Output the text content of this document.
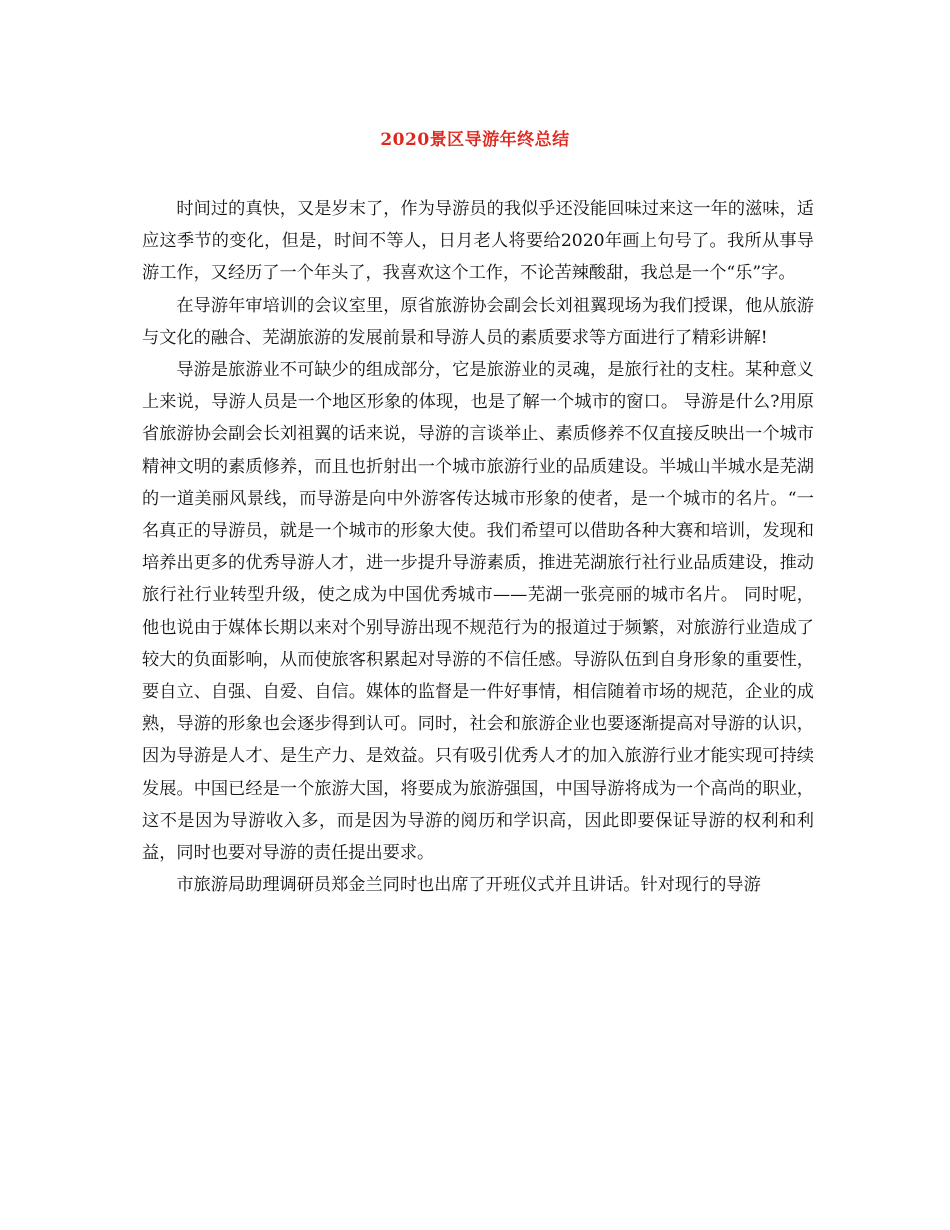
2020景区导游年终总结

时间过的真快，又是岁末了，作为导游员的我似乎还没能回味过来这一年的滋味，适应这季节的变化，但是，时间不等人，日月老人将要给2020年画上句号了。我所从事导游工作，又经历了一个年头了，我喜欢这个工作，不论苦辣酸甜，我总是一个“乐”字。

在导游年审培训的会议室里，原省旅游协会副会长刘祖翼现场为我们授课，他从旅游与文化的融合、芜湖旅游的发展前景和导游人员的素质要求等方面进行了精彩讲解!

导游是旅游业不可缺少的组成部分，它是旅游业的灵魂，是旅行社的支柱。某种意义上来说，导游人员是一个地区形象的体现，也是了解一个城市的窗口。 导游是什么?用原省旅游协会副会长刘祖翼的话来说，导游的言谈举止、素质修养不仅直接反映出一个城市精神文明的素质修养，而且也折射出一个城市旅游行业的品质建设。半城山半城水是芜湖的一道美丽风景线，而导游是向中外游客传达城市形象的使者，是一个城市的名片。“一名真正的导游员，就是一个城市的形象大使。我们希望可以借助各种大赛和培训，发现和培养出更多的优秀导游人才，进一步提升导游素质，推进芜湖旅行社行业品质建设，推动旅行社行业转型升级，使之成为中国优秀城市——芜湖一张亮丽的城市名片。 同时呢，他也说由于媒体长期以来对个别导游出现不规范行为的报道过于频繁，对旅游行业造成了较大的负面影响，从而使旅客积累起对导游的不信任感。导游队伍到自身形象的重要性，要自立、自强、自爱、自信。媒体的监督是一件好事情，相信随着市场的规范，企业的成熟，导游的形象也会逐步得到认可。同时，社会和旅游企业也要逐渐提高对导游的认识，因为导游是人才、是生产力、是效益。只有吸引优秀人才的加入旅游行业才能实现可持续发展。中国已经是一个旅游大国，将要成为旅游强国，中国导游将成为一个高尚的职业，这不是因为导游收入多，而是因为导游的阅历和学识高，因此即要保证导游的权利和利益，同时也要对导游的责任提出要求。

市旅游局助理调研员郑金兰同时也出席了开班仪式并且讲话。针对现行的导游
